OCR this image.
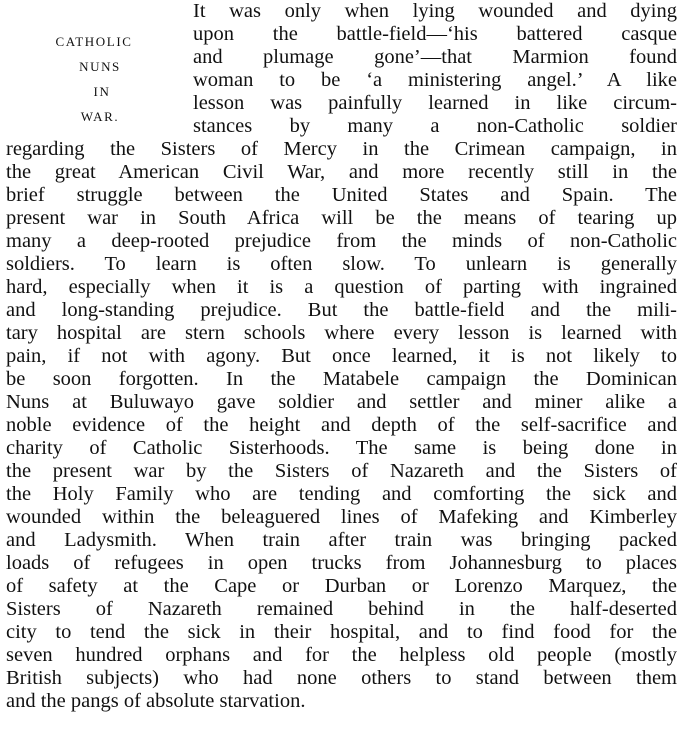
CATHOLIC
NUNS
IN
WAR.
It was only when lying wounded and dying
upon the battle-field—‘his battered casque
and plumage gone’—that Marmion found
woman to be ‘a ministering angel.’ A like
lesson was painfully learned in like circum-
stances by many a non-Catholic soldier
regarding the Sisters of Mercy in the Crimean campaign, in
the great American Civil War, and more recently still in the
brief struggle between the United States and Spain. The
present war in South Africa will be the means of tearing up
many a deep-rooted prejudice from the minds of non-Catholic
soldiers. To learn is often slow. To unlearn is generally
hard, especially when it is a question of parting with ingrained
and long-standing prejudice. But the battle-field and the mili-
tary hospital are stern schools where every lesson is learned with
pain, if not with agony. But once learned, it is not likely to
be soon forgotten. In the Matabele campaign the Dominican
Nuns at Buluwayo gave soldier and settler and miner alike a
noble evidence of the height and depth of the self-sacrifice and
charity of Catholic Sisterhoods. The same is being done in
the present war by the Sisters of Nazareth and the Sisters of
the Holy Family who are tending and comforting the sick and
wounded within the beleaguered lines of Mafeking and Kimberley
and Ladysmith. When train after train was bringing packed
loads of refugees in open trucks from Johannesburg to places
of safety at the Cape or Durban or Lorenzo Marquez, the
Sisters of Nazareth remained behind in the half-deserted
city to tend the sick in their hospital, and to find food for the
seven hundred orphans and for the helpless old people (mostly
British subjects) who had none others to stand between them
and the pangs of absolute starvation.
